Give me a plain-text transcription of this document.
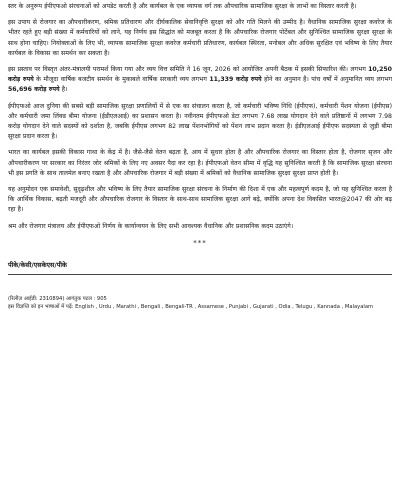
स्तर के अनुरूप ईपीएफओ संरचनाओं को अपडेट करती है और कार्यबल के एक व्यापक वर्ग तक औपचारिक सामाजिक सुरक्षा के लाभों का विस्तार करती है।

इस उपाय से रोजगार का औपचारीकरण, श्रमिक प्रतिधारण और दीर्घकालिक सेवानिवृत्ति सुरक्षा को और गति मिलने की उम्मीद है। वैधानिक सामाजिक सुरक्षा कवरेज के भीतर रहते हुए बड़ी संख्या में कर्मचारियों को लाने, यह निर्णय इस सिद्धांत को मजबूत करता है कि औपचारिक रोजगार पोर्टेबल और सुनिश्चित सामाजिक सुरक्षा सुरक्षा के साथ होना चाहिए। नियोक्ताओं के लिए भी, व्यापक सामाजिक सुरक्षा कवरेज कर्मचारी प्रतिधारण, कार्यबल स्थिरता, मनोबल और अधिक सुरक्षित एवं भविष्य के लिए तैयार कार्यबल के विकास का समर्थन कर सकता है।

इस प्रस्ताव पर विस्तृत अंतर-मंत्रालयी परामर्श किया गया और व्यय वित्त समिति ने 16 जून, 2026 को आयोजित अपनी बैठक में इसकी सिफारिश की। लगभग 10,250 करोड़ रुपये के मौजूदा वार्षिक बजटीय समर्थन के मुकाबले वार्षिक सरकारी व्यय लगभग 11,339 करोड़ रुपये होने का अनुमान है। पांच वर्षों में अनुमानित व्यय लगभग 56,696 करोड़ रुपये है।

ईपीएफओ आज दुनिया की सबसे बड़ी सामाजिक सुरक्षा प्रणालियों में से एक का संचालन करता है, जो कर्मचारी भविष्य निधि (ईपीएफ), कर्मचारी पेंशन योजना (ईपीएस) और कर्मचारी जमा लिंक्ड बीमा योजना (ईडीएलआई) का प्रशासन करता है। नवीनतम ईपीएफओ डेटा लगभग 7.68 लाख योगदान देने वाले प्रतिष्ठानों में लगभग 7.98 करोड़ योगदान देने वाले सदस्यों को दर्शाता है, जबकि ईपीएस लगभग 82 लाख पेंशनभोगियों को पेंशन लाभ प्रदान करता है। ईडीएलआई ईपीएफ सदस्यता से जुड़ी बीमा सुरक्षा प्रदान करता है।

भारत का कार्यबल इसकी विकास गाथा के केंद्र में है। जैसे-जैसे वेतन बढ़ता है, आय में सुधार होता है और औपचारिक रोजगार का विस्तार होता है, रोजगार सृजन और औपचारीकरण पर सरकार का निरंतर जोर श्रमिकों के लिए नए अवसर पैदा कर रहा है। ईपीएफओ वेतन सीमा में वृद्धि यह सुनिश्चित करती है कि सामाजिक सुरक्षा संरचना भी इस प्रगति के साथ तालमेल बनाए रखता है और औपचारिक रोजगार में बड़ी संख्या में श्रमिकों को वैधानिक सामाजिक सुरक्षा सुरक्षा प्राप्त होती है।

यह अनुमोदन एक समावेशी, सुदृढ़शील और भविष्य के लिए तैयार सामाजिक सुरक्षा संरचना के निर्माण की दिशा में एक और महत्वपूर्ण कदम है, जो यह सुनिश्चित करता है कि आर्थिक विकास, बढ़ती मजदूरी और औपचारिक रोजगार के विस्तार के साथ-साथ सामाजिक सुरक्षा आगे बढ़े, क्योंकि अपना देश विकसित भारत@2047 की ओर बढ़ रहा है।

श्रम और रोजगार मंत्रालय और ईपीएफओ निर्णय के कार्यान्वयन के लिए सभी आवश्यक वैधानिक और प्रशासनिक कदम उठाएंगे।

***
पीके/केसी/एसकेएस/पीके

(रिलीज़ आईडी: 2310894) आगंतुक पटल : 905

इस विज्ञप्ति को इन भाषाओं में पढ़ें: English , Urdu , Marathi , Bengali , Bengali-TR , Assamese , Punjabi , Gujarati , Odia , Telugu , Kannada , Malayalam
